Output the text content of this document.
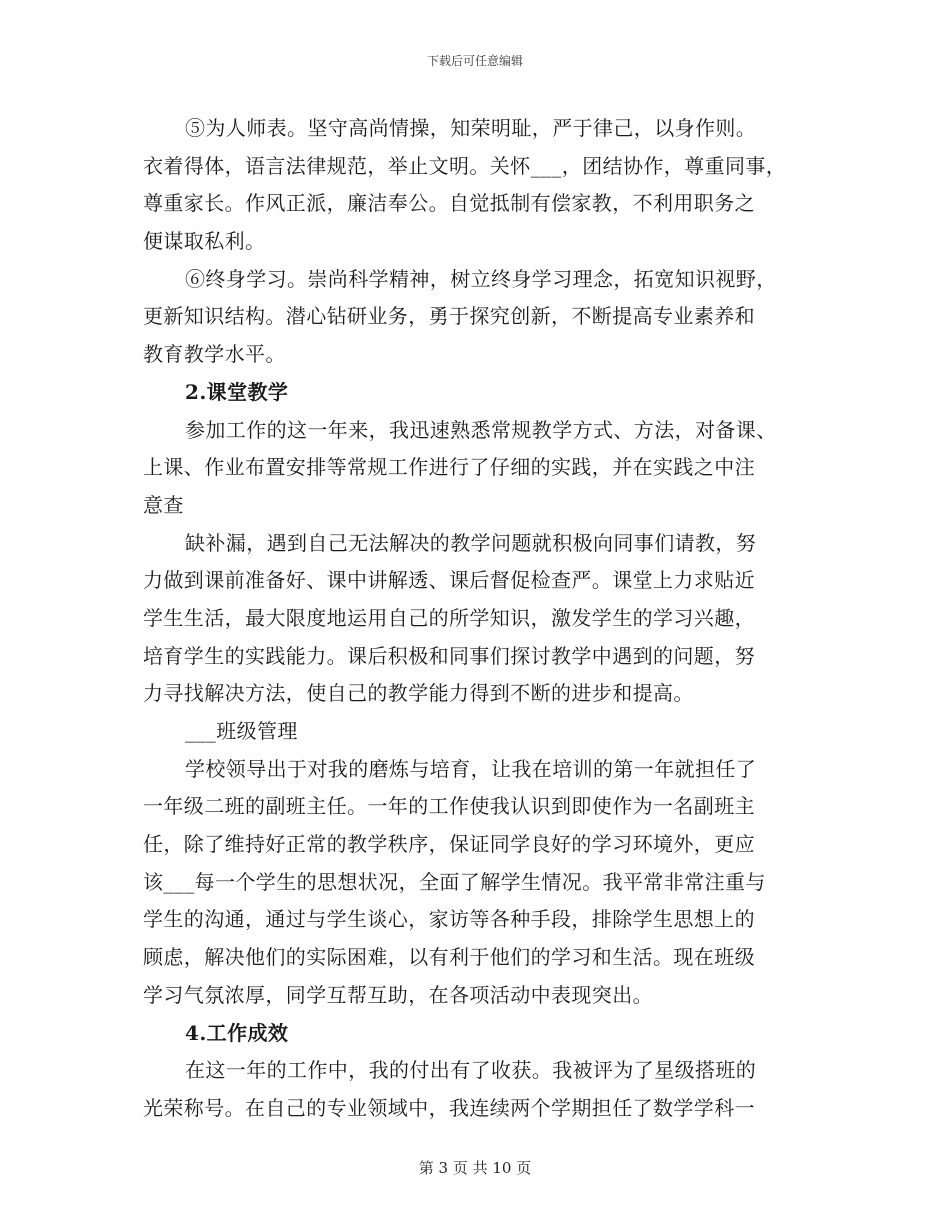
下载后可任意编辑
⑤为人师表。坚守高尚情操，知荣明耻，严于律己，以身作则。
衣着得体，语言法律规范，举止文明。关怀___，团结协作，尊重同事，
尊重家长。作风正派，廉洁奉公。自觉抵制有偿家教，不利用职务之
便谋取私利。
⑥终身学习。崇尚科学精神，树立终身学习理念，拓宽知识视野，
更新知识结构。潜心钻研业务，勇于探究创新，不断提高专业素养和
教育教学水平。
2.课堂教学
参加工作的这一年来，我迅速熟悉常规教学方式、方法，对备课、
上课、作业布置安排等常规工作进行了仔细的实践，并在实践之中注
意查
缺补漏，遇到自己无法解决的教学问题就积极向同事们请教，努
力做到课前准备好、课中讲解透、课后督促检查严。课堂上力求贴近
学生生活，最大限度地运用自己的所学知识，激发学生的学习兴趣，
培育学生的实践能力。课后积极和同事们探讨教学中遇到的问题，努
力寻找解决方法，使自己的教学能力得到不断的进步和提高。
___班级管理
学校领导出于对我的磨炼与培育，让我在培训的第一年就担任了
一年级二班的副班主任。一年的工作使我认识到即使作为一名副班主
任，除了维持好正常的教学秩序，保证同学良好的学习环境外，更应
该___每一个学生的思想状况，全面了解学生情况。我平常非常注重与
学生的沟通，通过与学生谈心，家访等各种手段，排除学生思想上的
顾虑，解决他们的实际困难，以有利于他们的学习和生活。现在班级
学习气氛浓厚，同学互帮互助，在各项活动中表现突出。
4.工作成效
在这一年的工作中，我的付出有了收获。我被评为了星级搭班的
光荣称号。在自己的专业领域中，我连续两个学期担任了数学学科一
第 3 页 共 10 页
